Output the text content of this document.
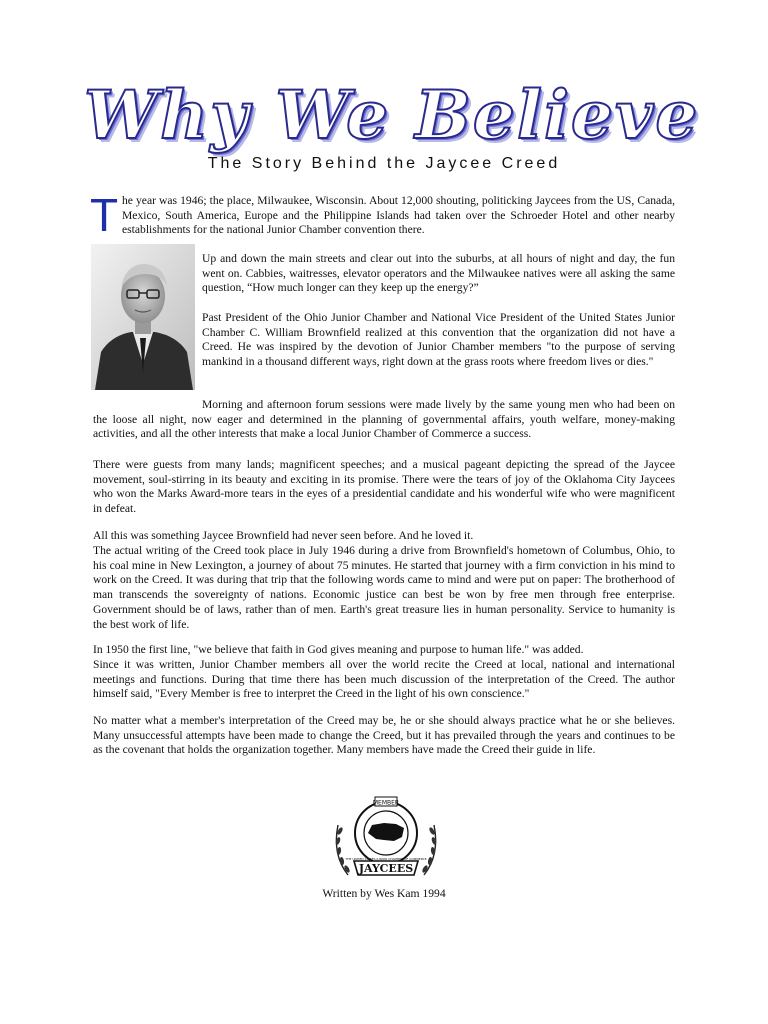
Why We Believe
The Story Behind the Jaycee Creed
T he year was 1946; the place, Milwaukee, Wisconsin. About 12,000 shouting, politicking Jaycees from the US, Canada, Mexico, South America, Europe and the Philippine Islands had taken over the Schroeder Hotel and other nearby establishments for the national Junior Chamber convention there.

Up and down the main streets and clear out into the suburbs, at all hours of night and day, the fun went on. Cabbies, waitresses, elevator operators and the Milwaukee natives were all asking the same question, “How much longer can they keep up the energy?”

Past President of the Ohio Junior Chamber and National Vice President of the United States Junior Chamber C. William Brownfield realized at this convention that the organization did not have a Creed. He was inspired by the devotion of Junior Chamber members "to the purpose of serving mankind in a thousand different ways, right down at the grass roots where freedom lives or dies."

Morning and afternoon forum sessions were made lively by the same young men who had been on the loose all night, now eager and determined in the planning of governmental affairs, youth welfare, money-making activities, and all the other interests that make a local Junior Chamber of Commerce a success.

There were guests from many lands; magnificent speeches; and a musical pageant depicting the spread of the Jaycee movement, soul-stirring in its beauty and exciting in its promise. There were the tears of joy of the Oklahoma City Jaycees who won the Marks Award-more tears in the eyes of a presidential candidate and his wonderful wife who were magnificent in defeat.

All this was something Jaycee Brownfield had never seen before. And he loved it.

The actual writing of the Creed took place in July 1946 during a drive from Brownfield's hometown of Columbus, Ohio, to his coal mine in New Lexington, a journey of about 75 minutes. He started that journey with a firm conviction in his mind to work on the Creed. It was during that trip that the following words came to mind and were put on paper: The brotherhood of man transcends the sovereignty of nations. Economic justice can best be won by free men through free enterprise. Government should be of laws, rather than of men. Earth's great treasure lies in human personality. Service to humanity is the best work of life.

In 1950 the first line, "we believe that faith in God gives meaning and purpose to human life." was added.

Since it was written, Junior Chamber members all over the world recite the Creed at local, national and international meetings and functions. During that time there has been much discussion of the interpretation of the Creed. The author himself said, "Every Member is free to interpret the Creed in the light of his own conscience."

No matter what a member's interpretation of the Creed may be, he or she should always practice what he or she believes. Many unsuccessful attempts have been made to change the Creed, but it has prevailed through the years and continues to be as the covenant that holds the organization together. Many members have made the Creed their guide in life.

MEMBER
THE UNITED STATES JUNIOR CHAMBER OF COMMERCE
JAYCEES
Written by Wes Kam 1994
